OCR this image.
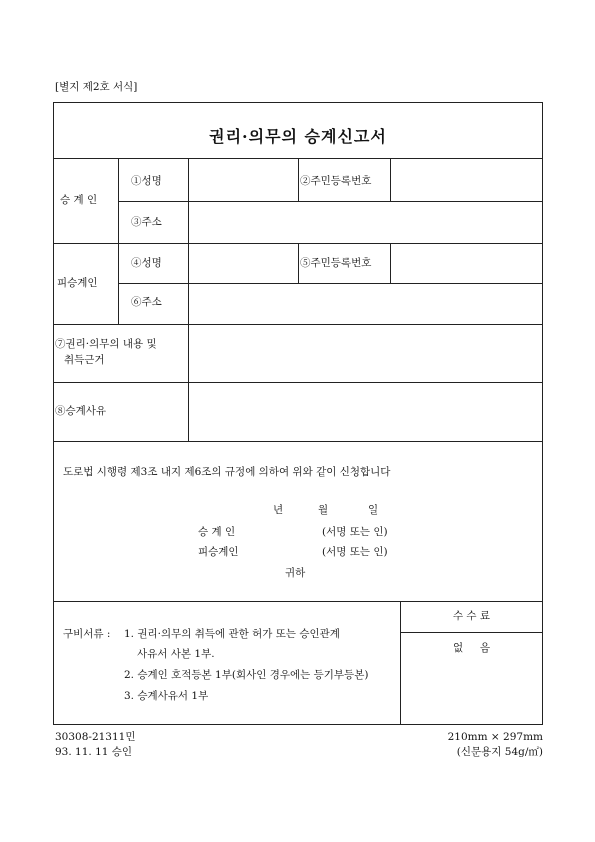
[별지 제2호 서식]
권리·의무의 승계신고서
승 계 인
①성명	②주민등록번호
③주소
피승계인
④성명	⑤주민등록번호
⑥주소
⑦권리·의무의 내용 및
취득근거
⑧승계사유
도로법 시행령 제3조 내지 제6조의 규정에 의하여 위와 같이 신청합니다
년	월	일
승 계 인	(서명 또는 인)
피승계인	(서명 또는 인)
귀하
구비서류 : 1. 권리·의무의 취득에 관한 허가 또는 승인관계
사유서 사본 1부.
2. 승계인 호적등본 1부(회사인 경우에는 등기부등본)
3. 승계사유서 1부
수 수 료
없     음
30308-21311민
93. 11. 11 승인
210mm × 297mm
(신문용지 54g/㎡)
